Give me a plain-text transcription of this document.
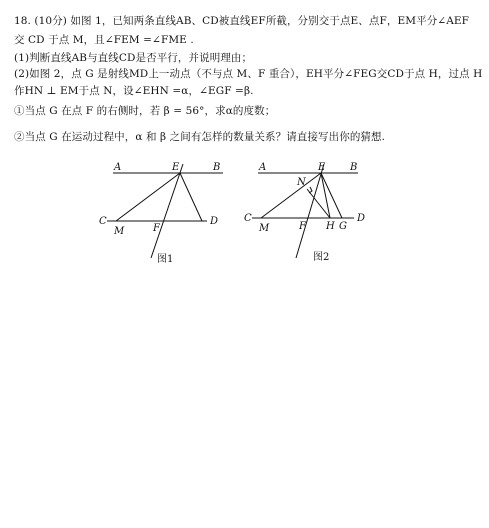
18. (10分) 如图 1，已知两条直线AB、CD被直线EF所截，分别交于点E、点F，EM平分∠AEF
交 CD 于点 M，且∠FEM =∠FME .
(1)判断直线AB与直线CD是否平行，并说明理由；
(2)如图 2，点 G 是射线MD上一动点（不与点 M、F 重合），EH平分∠FEG交CD于点 H，过点 H
作HN ⊥ EM于点 N，设∠EHN =α，∠EGF =β.
①当点 G 在点 F 的右侧时，若 β = 56°，求α的度数；
②当点 G 在运动过程中，α 和 β 之间有怎样的数量关系？请直接写出你的猜想.
A	E	B
C
M	F
D
图1
A	E B
N
C
M	F H G
D
图2
